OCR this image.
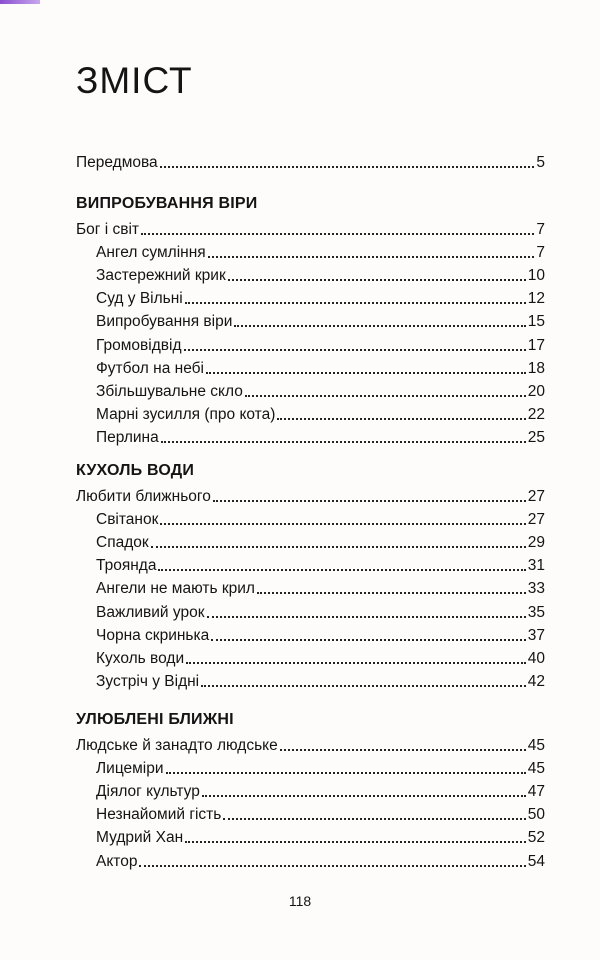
ЗМІСТ
Передмова	5
ВИПРОБУВАННЯ ВІРИ
Бог і світ	7
Ангел сумління	7
Застережний крик	10
Суд у Вільні	12
Випробування віри	15
Громовідвід	17
Футбол на небі	18
Збільшувальне скло	20
Марні зусилля (про кота)	22
Перлина	25
КУХОЛЬ ВОДИ
Любити ближнього	27
Світанок	27
Спадок	29
Троянда	31
Ангели не мають крил	33
Важливий урок	35
Чорна скринька	37
Кухоль води	40
Зустріч у Відні	42
УЛЮБЛЕНІ БЛИЖНІ
Людське й занадто людське	45
Лицеміри	45
Діялог культур	47
Незнайомий гість	50
Мудрий Хан	52
Актор	54
118
